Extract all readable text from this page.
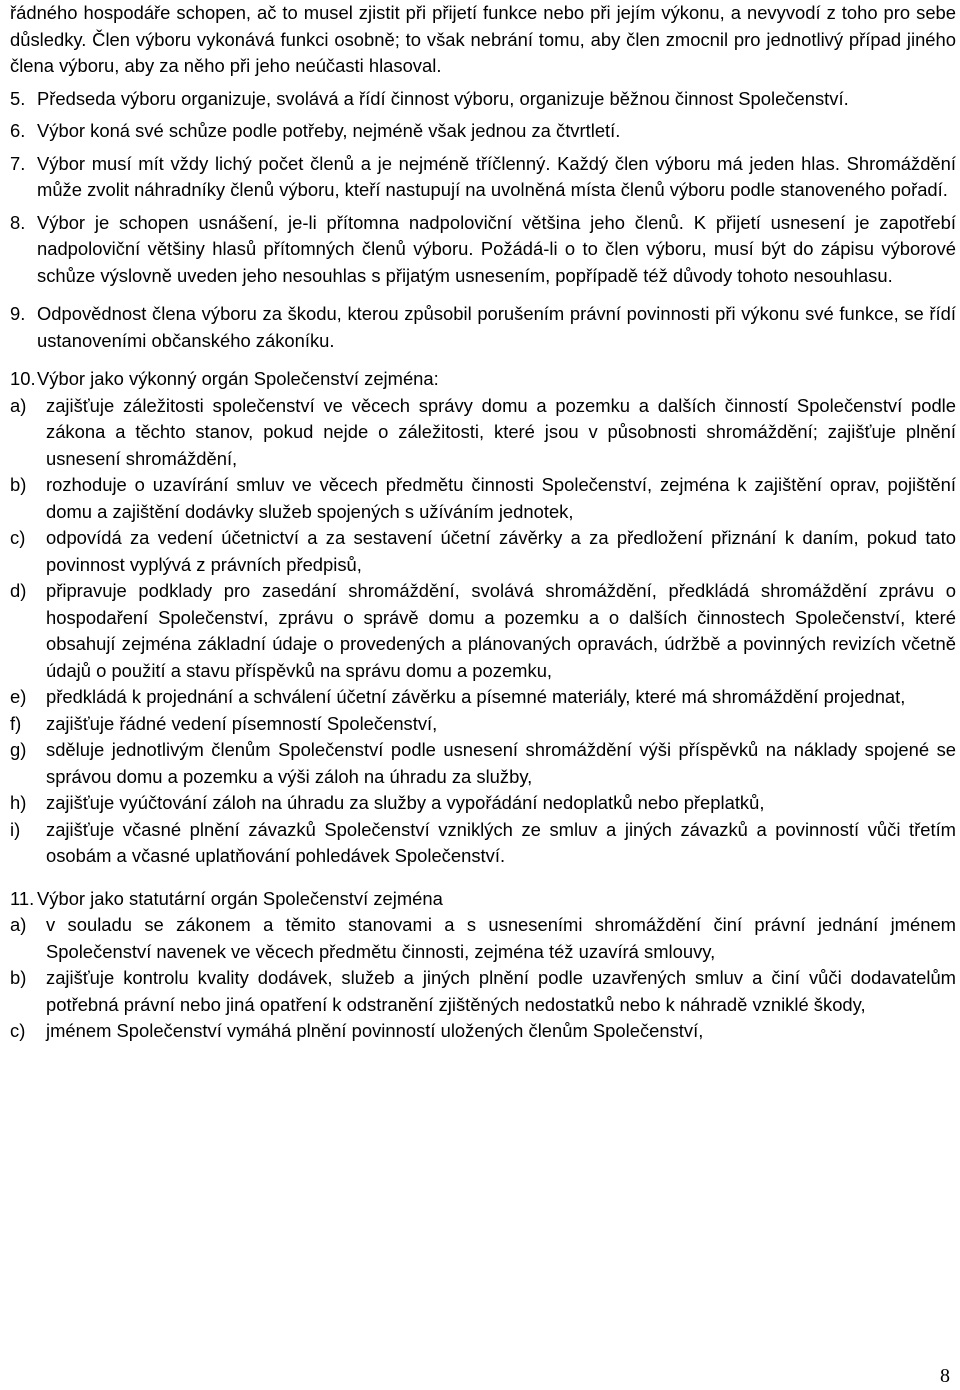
řádného hospodáře schopen, ač to musel zjistit při přijetí funkce nebo při jejím výkonu, a nevyvodí z toho pro sebe důsledky. Člen výboru vykonává funkci osobně; to však nebrání tomu, aby člen zmocnil pro jednotlivý případ jiného člena výboru, aby za něho při jeho neúčasti hlasoval.

5. Předseda výboru organizuje, svolává a řídí činnost výboru, organizuje běžnou činnost Společenství.
6. Výbor koná své schůze podle potřeby, nejméně však jednou za čtvrtletí.
7. Výbor musí mít vždy lichý počet členů a je nejméně tříčlenný. Každý člen výboru má jeden hlas. Shromáždění může zvolit náhradníky členů výboru, kteří nastupují na uvolněná místa členů výboru podle stanoveného pořadí.
8. Výbor je schopen usnášení, je-li přítomna nadpoloviční většina jeho členů. K přijetí usnesení je zapotřebí nadpoloviční většiny hlasů přítomných členů výboru. Požádá-li o to člen výboru, musí být do zápisu výborové schůze výslovně uveden jeho nesouhlas s přijatým usnesením, popřípadě též důvody tohoto nesouhlasu.
9. Odpovědnost člena výboru za škodu, kterou způsobil porušením právní povinnosti při výkonu své funkce, se řídí ustanoveními občanského zákoníku.
10. Výbor jako výkonný orgán Společenství zejména:
a)	zajišťuje záležitosti společenství ve věcech správy domu a pozemku a dalších činností Společenství podle zákona a těchto stanov, pokud nejde o záležitosti, které jsou v působnosti shromáždění; zajišťuje plnění usnesení shromáždění,
b)	rozhoduje o uzavírání smluv ve věcech předmětu činnosti Společenství, zejména k zajištění oprav, pojištění domu a zajištění dodávky služeb spojených s užíváním jednotek,
c)	odpovídá za vedení účetnictví a za sestavení účetní závěrky a za předložení přiznání k daním, pokud tato povinnost vyplývá z právních předpisů,
d)	připravuje podklady pro zasedání shromáždění, svolává shromáždění, předkládá shromáždění zprávu o hospodaření Společenství, zprávu o správě domu a pozemku a o dalších činnostech Společenství, které obsahují zejména základní údaje o provedených a plánovaných opravách, údržbě a povinných revizích včetně údajů o použití a stavu příspěvků na správu domu a pozemku,
e)	předkládá k projednání a schválení účetní závěrku a písemné materiály, které má shromáždění projednat,
f)	zajišťuje řádné vedení písemností Společenství,
g)	sděluje jednotlivým členům Společenství podle usnesení shromáždění výši příspěvků na náklady spojené se správou domu a pozemku a výši záloh na úhradu za služby,
h)	zajišťuje vyúčtování záloh na úhradu za služby a vypořádání nedoplatků nebo přeplatků,
i)	zajišťuje včasné plnění závazků Společenství vzniklých ze smluv a jiných závazků a povinností vůči třetím osobám a včasné uplatňování pohledávek Společenství.
11. Výbor jako statutární orgán Společenství zejména
a)	v souladu se zákonem a těmito stanovami a s usneseními shromáždění činí právní jednání jménem Společenství navenek ve věcech předmětu činnosti, zejména též uzavírá smlouvy,
b)	zajišťuje kontrolu kvality dodávek, služeb a jiných plnění podle uzavřených smluv a činí vůči dodavatelům potřebná právní nebo jiná opatření k odstranění zjištěných nedostatků nebo k náhradě vzniklé škody,
c)	jménem Společenství vymáhá plnění povinností uložených členům Společenství,
8
